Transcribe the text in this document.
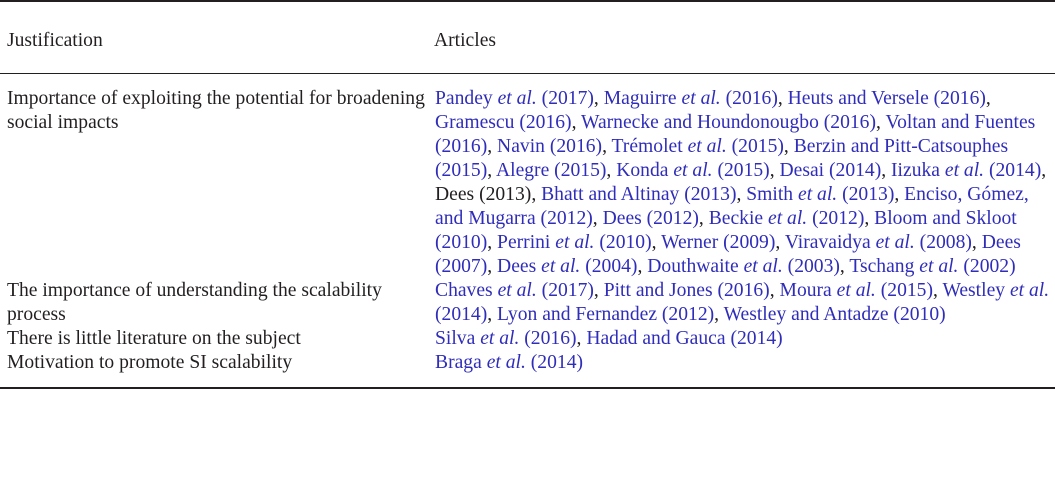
Justification	Articles
Importance of exploiting the potential for broadening social impacts	Pandey et al. (2017), Maguirre et al. (2016), Heuts and Versele (2016), Gramescu (2016), Warnecke and Houndonougbo (2016), Voltan and Fuentes (2016), Navin (2016), Trémolet et al. (2015), Berzin and Pitt-Catsouphes (2015), Alegre (2015), Konda et al. (2015), Desai (2014), Iizuka et al. (2014), Dees (2013), Bhatt and Altinay (2013), Smith et al. (2013), Enciso, Gómez, and Mugarra (2012), Dees (2012), Beckie et al. (2012), Bloom and Skloot (2010), Perrini et al. (2010), Werner (2009), Viravaidya et al. (2008), Dees (2007), Dees et al. (2004), Douthwaite et al. (2003), Tschang et al. (2002)
The importance of understanding the scalability process	Chaves et al. (2017), Pitt and Jones (2016), Moura et al. (2015), Westley et al. (2014), Lyon and Fernandez (2012), Westley and Antadze (2010)
There is little literature on the subject	Silva et al. (2016), Hadad and Gauca (2014)
Motivation to promote SI scalability	Braga et al. (2014)
